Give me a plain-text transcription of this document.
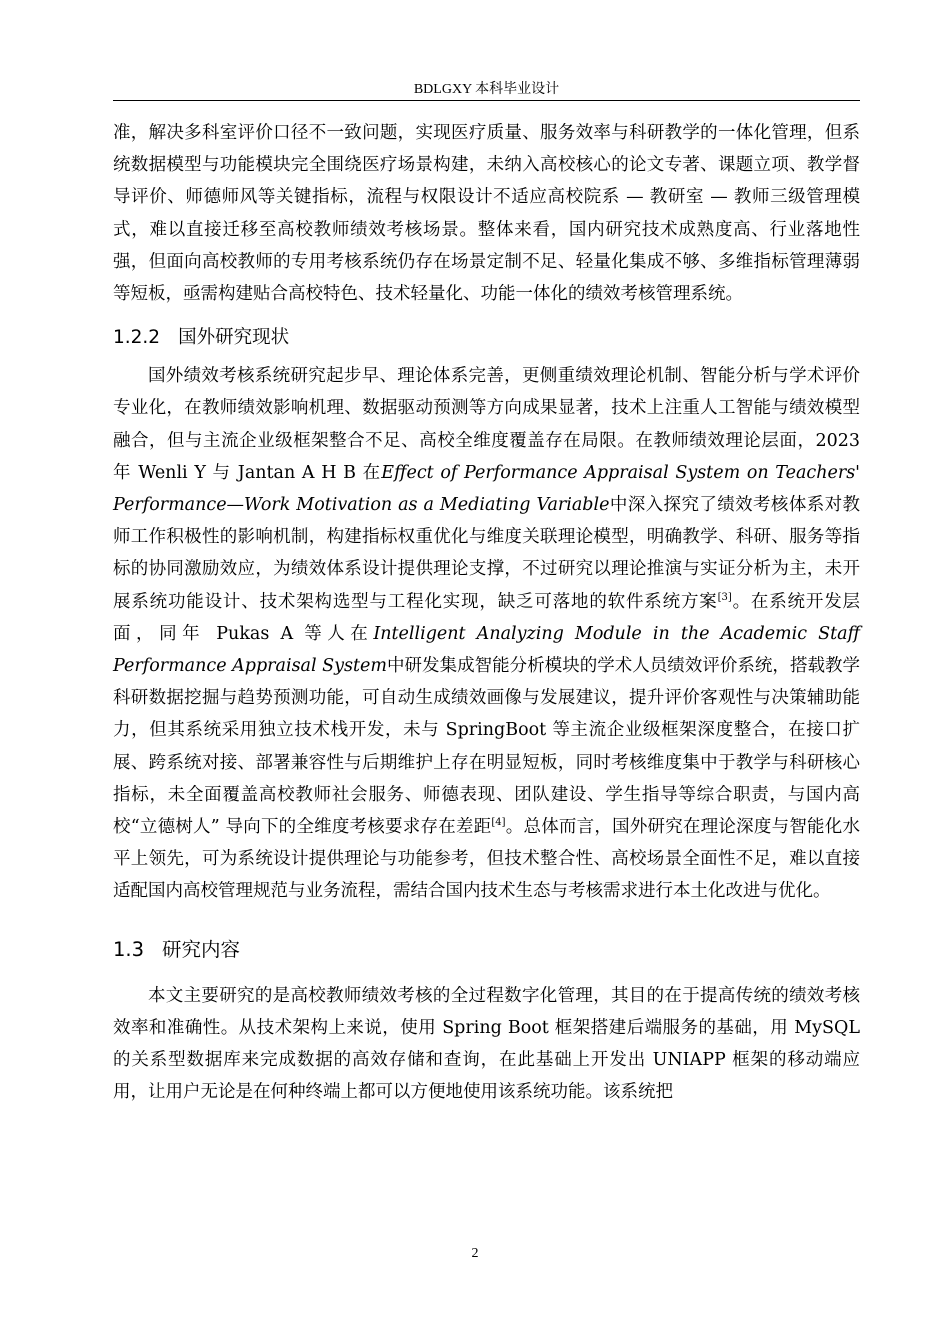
BDLGXY 本科毕业设计

准，解决多科室评价口径不一致问题，实现医疗质量、服务效率与科研教学的一体化管理，但系统数据模型与功能模块完全围绕医疗场景构建，未纳入高校核心的论文专著、课题立项、教学督导评价、师德师风等关键指标，流程与权限设计不适应高校院系 — 教研室 — 教师三级管理模式，难以直接迁移至高校教师绩效考核场景。整体来看，国内研究技术成熟度高、行业落地性强，但面向高校教师的专用考核系统仍存在场景定制不足、轻量化集成不够、多维指标管理薄弱等短板，亟需构建贴合高校特色、技术轻量化、功能一体化的绩效考核管理系统。

1.2.2 国外研究现状

国外绩效考核系统研究起步早、理论体系完善，更侧重绩效理论机制、智能分析与学术评价专业化，在教师绩效影响机理、数据驱动预测等方向成果显著，技术上注重人工智能与绩效模型融合，但与主流企业级框架整合不足、高校全维度覆盖存在局限。在教师绩效理论层面，2023 年 Wenli Y 与 Jantan A H B 在Effect of Performance Appraisal System on Teachers' Performance—Work Motivation as a Mediating Variable中深入探究了绩效考核体系对教师工作积极性的影响机制，构建指标权重优化与维度关联理论模型，明确教学、科研、服务等指标的协同激励效应，为绩效体系设计提供理论支撑，不过研究以理论推演与实证分析为主，未开展系统功能设计、技术架构选型与工程化实现，缺乏可落地的软件系统方案[3]。在系统开发层面，同年 Pukas A 等人在Intelligent Analyzing Module in the Academic Staff Performance Appraisal System中研发集成智能分析模块的学术人员绩效评价系统，搭载教学科研数据挖掘与趋势预测功能，可自动生成绩效画像与发展建议，提升评价客观性与决策辅助能力，但其系统采用独立技术栈开发，未与 SpringBoot 等主流企业级框架深度整合，在接口扩展、跨系统对接、部署兼容性与后期维护上存在明显短板，同时考核维度集中于教学与科研核心指标，未全面覆盖高校教师社会服务、师德表现、团队建设、学生指导等综合职责，与国内高校“立德树人” 导向下的全维度考核要求存在差距[4]。总体而言，国外研究在理论深度与智能化水平上领先，可为系统设计提供理论与功能参考，但技术整合性、高校场景全面性不足，难以直接适配国内高校管理规范与业务流程，需结合国内技术生态与考核需求进行本土化改进与优化。

1.3 研究内容

本文主要研究的是高校教师绩效考核的全过程数字化管理，其目的在于提高传统的绩效考核效率和准确性。从技术架构上来说，使用 Spring Boot 框架搭建后端服务的基础，用 MySQL 的关系型数据库来完成数据的高效存储和查询，在此基础上开发出 UNIAPP 框架的移动端应用，让用户无论是在何种终端上都可以方便地使用该系统功能。该系统把

2
